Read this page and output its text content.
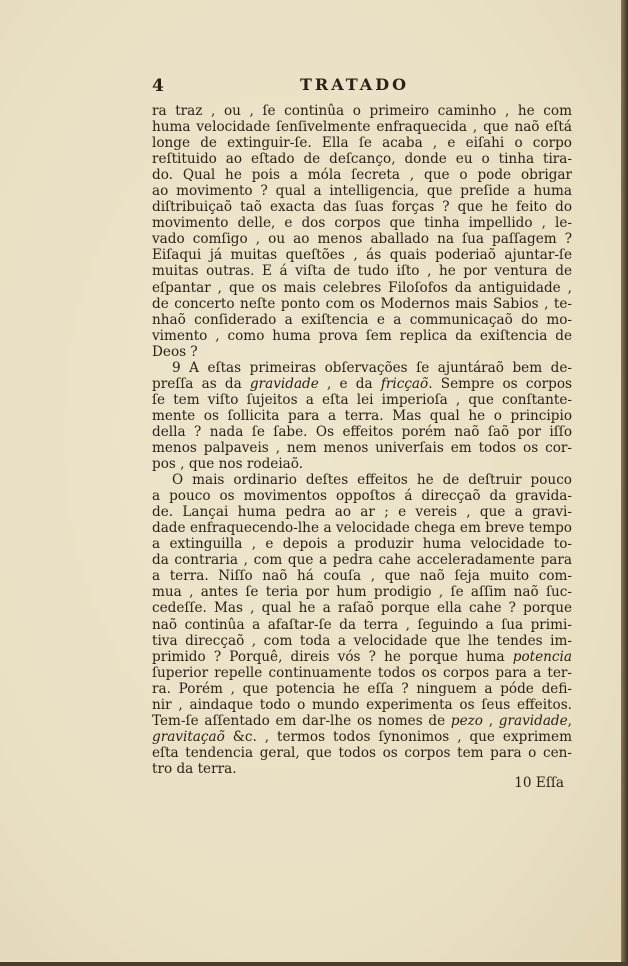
4	TRATADO
ra traz , ou , ſe continûa o primeiro caminho , he com
huma velocidade ſenſivelmente enfraquecida , que naõ eſtá
longe de extinguir-ſe. Ella ſe acaba , e eiſahi o corpo
reſtituido ao eſtado de deſcanço, donde eu o tinha tira-
do. Qual he pois a móla ſecreta , que o pode obrigar
ao movimento ? qual a intelligencia, que preſide a huma
diſtribuiçaõ taõ exacta das ſuas forças ? que he feito do
movimento delle, e dos corpos que tinha impellido , le-
vado comſigo , ou ao menos aballado na ſua paſſagem ?
Eiſaqui já muitas queſtões , ás quais poderiaõ ajuntar-ſe
muitas outras. E á viſta de tudo iſto , he por ventura de
eſpantar , que os mais celebres Filoſofos da antiguidade ,
de concerto neſte ponto com os Modernos mais Sabios , te-
nhaõ conſiderado a exiſtencia e a communicaçaõ do mo-
vimento , como huma prova ſem replica da exiſtencia de
Deos ?
9 A eſtas primeiras obſervações ſe ajuntáraõ bem de-
preſſa as da gravidade , e da fricçaõ. Sempre os corpos
ſe tem viſto ſujeitos a eſta lei imperioſa , que conſtante-
mente os ſollicita para a terra. Mas qual he o principio
della ? nada ſe ſabe. Os effeitos porém naõ ſaõ por iſſo
menos palpaveis , nem menos univerſais em todos os cor-
pos , que nos rodeiaõ.
O mais ordinario deſtes effeitos he de deſtruir pouco
a pouco os movimentos oppoſtos á direcçaõ da gravida-
de. Lançai huma pedra ao ar ; e vereis , que a gravi-
dade enfraquecendo-lhe a velocidade chega em breve tempo
a extinguilla , e depois a produzir huma velocidade to-
da contraria , com que a pedra cahe acceleradamente para
a terra. Niſſo naõ há couſa , que naõ ſeja muito com-
mua , antes ſe teria por hum prodigio , ſe aſſim naõ ſuc-
cedeſſe. Mas , qual he a raſaõ porque ella cahe ? porque
naõ continûa a afaſtar-ſe da terra , ſeguindo a ſua primi-
tiva direcçaõ , com toda a velocidade que lhe tendes im-
primido ? Porquê, direis vós ? he porque huma potencia
ſuperior repelle continuamente todos os corpos para a ter-
ra. Porém , que potencia he eſſa ? ninguem a póde defi-
nir , aindaque todo o mundo experimenta os ſeus effeitos.
Tem-ſe aſſentado em dar-lhe os nomes de pezo , gravidade,
gravitaçaõ &c. , termos todos ſynonimos , que exprimem
eſta tendencia geral, que todos os corpos tem para o cen-
tro da terra.
10 Eſſa
